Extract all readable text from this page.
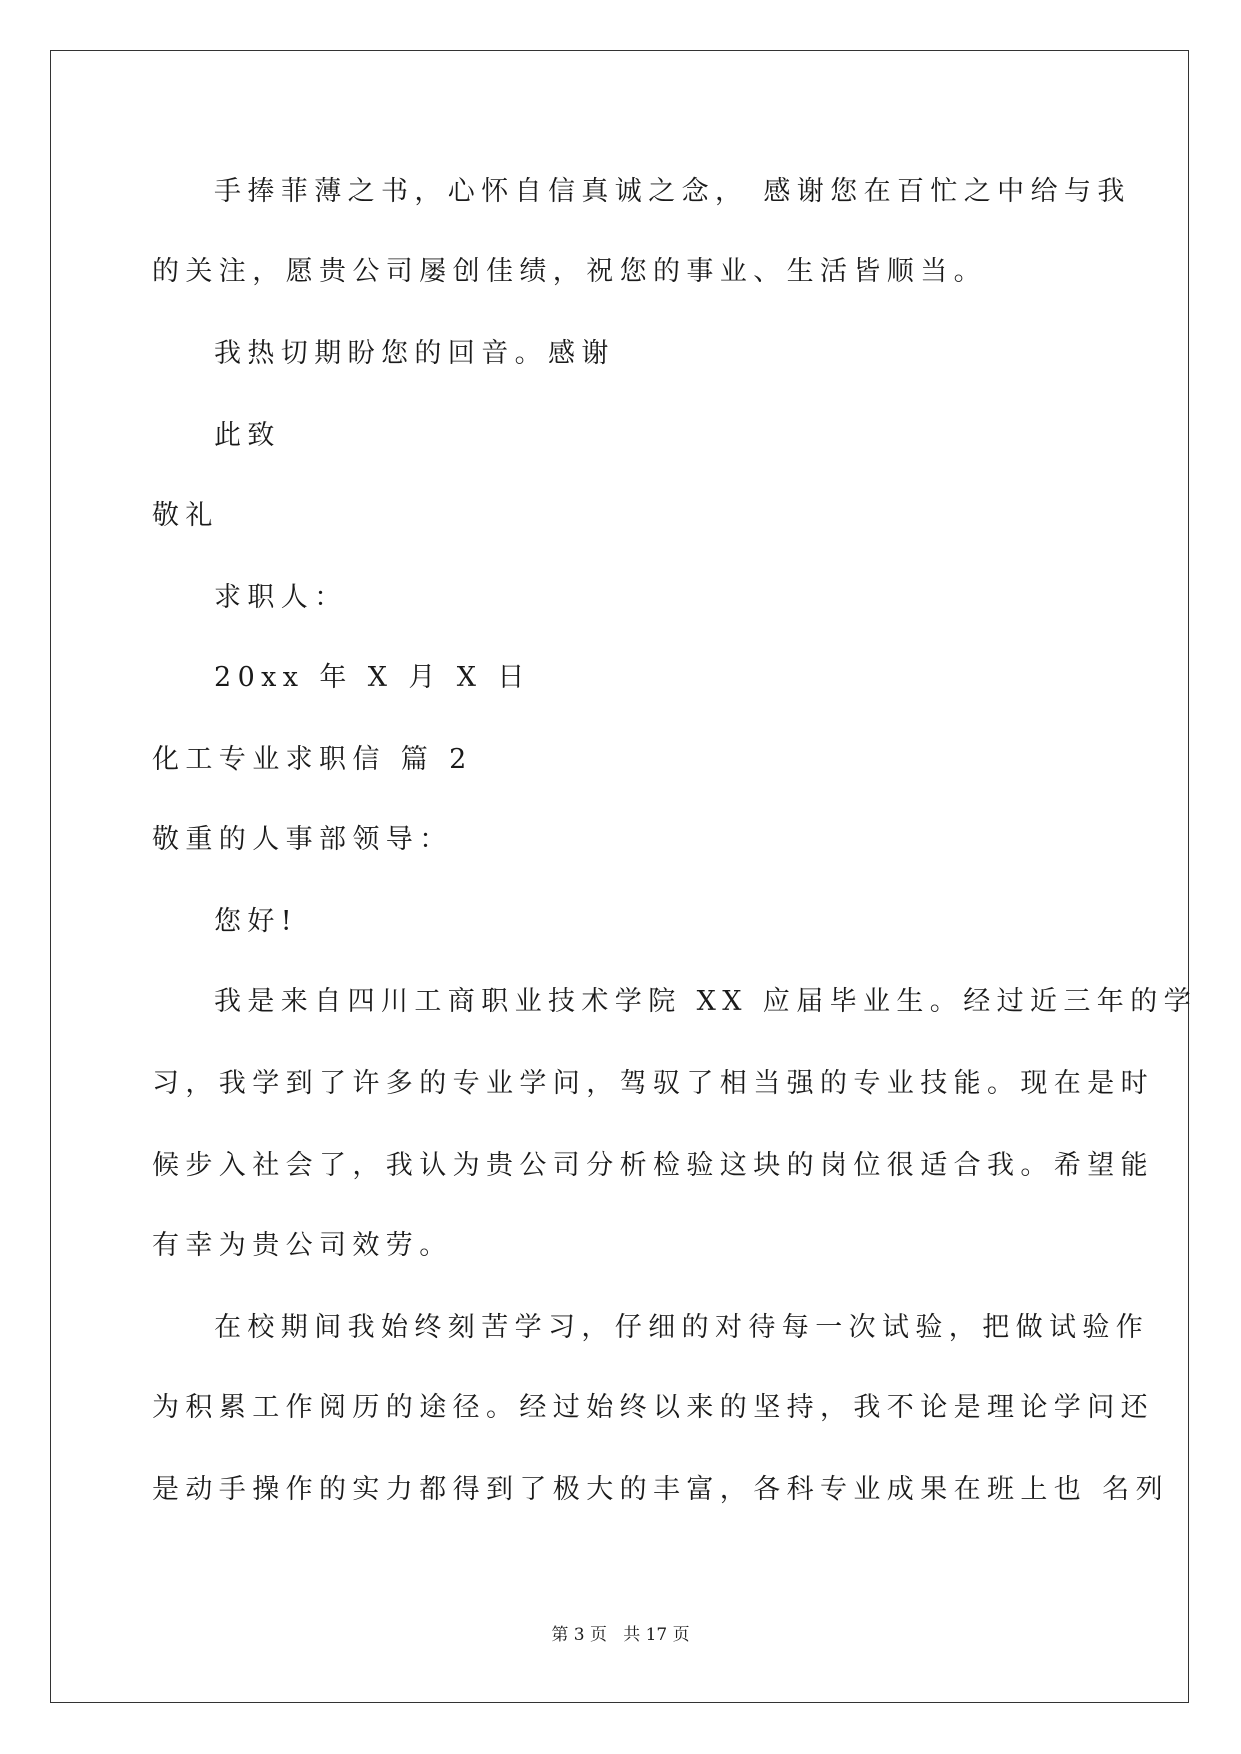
手捧菲薄之书，心怀自信真诚之念， 感谢您在百忙之中给与我
的关注，愿贵公司屡创佳绩，祝您的事业、生活皆顺当。
我热切期盼您的回音。感谢
此致
敬礼
求职人：
20xx 年 X 月 X 日
化工专业求职信 篇 2
敬重的人事部领导：
您好!
我是来自四川工商职业技术学院 XX 应届毕业生。经过近三年的学
习，我学到了许多的专业学问，驾驭了相当强的专业技能。现在是时
候步入社会了，我认为贵公司分析检验这块的岗位很适合我。希望能
有幸为贵公司效劳。
在校期间我始终刻苦学习，仔细的对待每一次试验，把做试验作
为积累工作阅历的途径。经过始终以来的坚持，我不论是理论学问还
是动手操作的实力都得到了极大的丰富，各科专业成果在班上也 名列
第 3 页   共 17 页
